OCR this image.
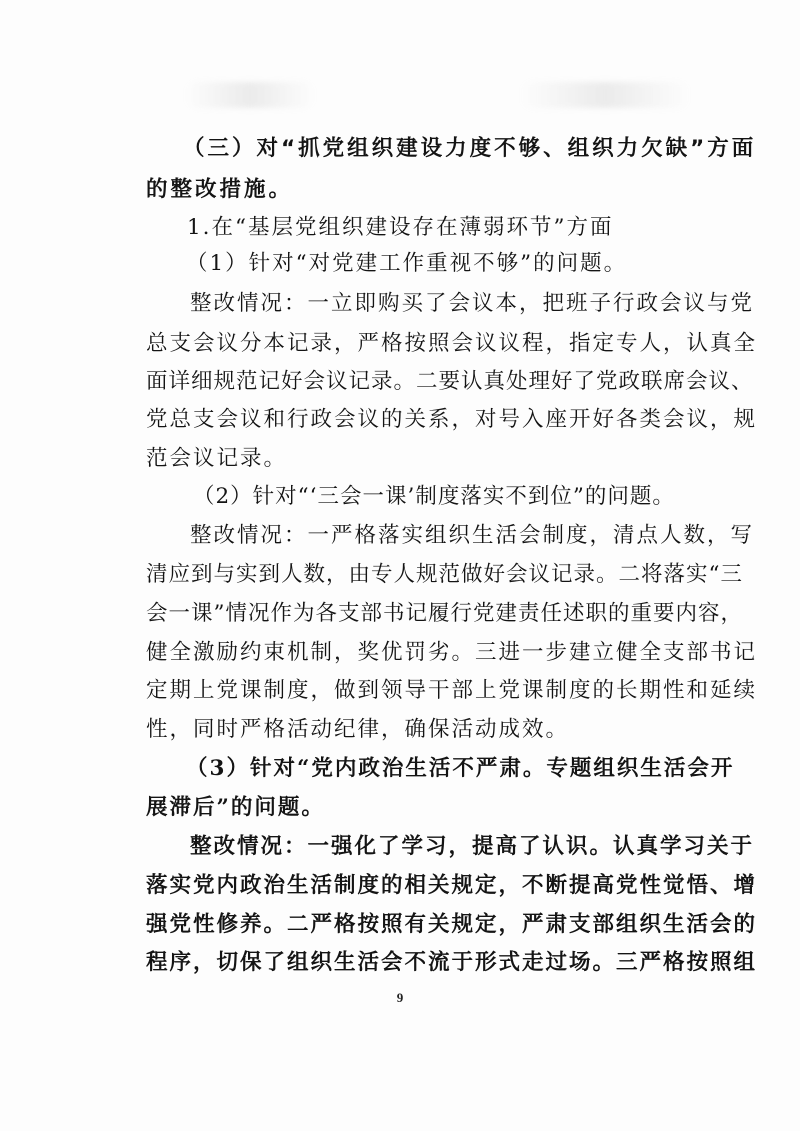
（三）对“抓党组织建设力度不够、组织力欠缺”方面
的整改措施。
1.在“基层党组织建设存在薄弱环节”方面
（1）针对“对党建工作重视不够”的问题。
整改情况：一立即购买了会议本，把班子行政会议与党
总支会议分本记录，严格按照会议议程，指定专人，认真全
面详细规范记好会议记录。二要认真处理好了党政联席会议、
党总支会议和行政会议的关系，对号入座开好各类会议，规
范会议记录。
（2）针对“‘三会一课’制度落实不到位”的问题。
整改情况：一严格落实组织生活会制度，清点人数，写
清应到与实到人数，由专人规范做好会议记录。二将落实“三
会一课”情况作为各支部书记履行党建责任述职的重要内容，
健全激励约束机制，奖优罚劣。三进一步建立健全支部书记
定期上党课制度，做到领导干部上党课制度的长期性和延续
性，同时严格活动纪律，确保活动成效。
（3）针对“党内政治生活不严肃。专题组织生活会开
展滞后”的问题。
整改情况：一强化了学习，提高了认识。认真学习关于
落实党内政治生活制度的相关规定，不断提高党性觉悟、增
强党性修养。二严格按照有关规定，严肃支部组织生活会的
程序，切保了组织生活会不流于形式走过场。三严格按照组
9
